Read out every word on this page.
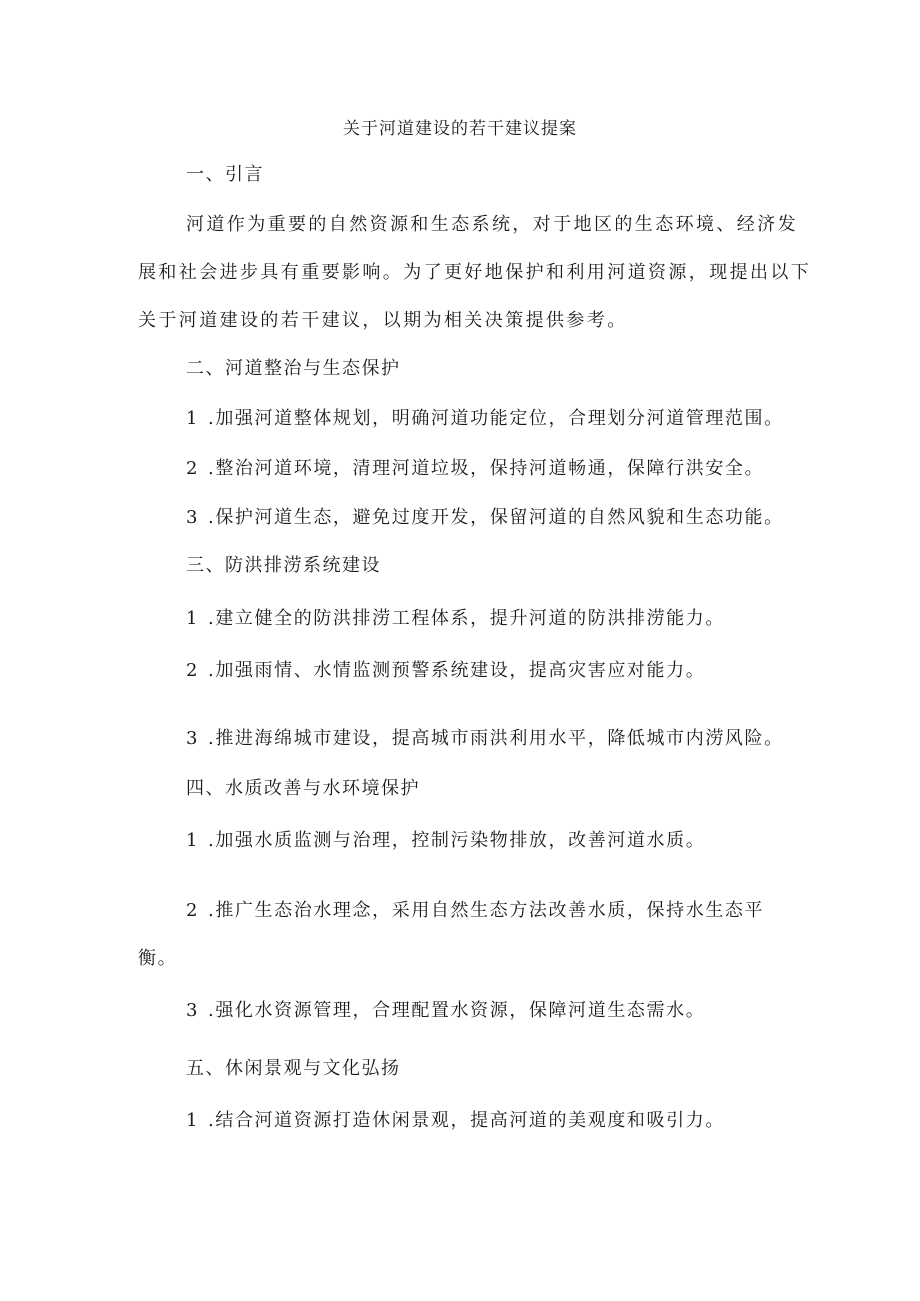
关于河道建设的若干建议提案
一、引言
河道作为重要的自然资源和生态系统，对于地区的生态环境、经济发
展和社会进步具有重要影响。为了更好地保护和利用河道资源，现提出以下
关于河道建设的若干建议，以期为相关决策提供参考。
二、河道整治与生态保护
1 .加强河道整体规划，明确河道功能定位，合理划分河道管理范围。
2 .整治河道环境，清理河道垃圾，保持河道畅通，保障行洪安全。
3 .保护河道生态，避免过度开发，保留河道的自然风貌和生态功能。
三、防洪排涝系统建设
1 .建立健全的防洪排涝工程体系，提升河道的防洪排涝能力。
2 .加强雨情、水情监测预警系统建设，提高灾害应对能力。
3 .推进海绵城市建设，提高城市雨洪利用水平，降低城市内涝风险。
四、水质改善与水环境保护
1 .加强水质监测与治理，控制污染物排放，改善河道水质。
2 .推广生态治水理念，采用自然生态方法改善水质，保持水生态平
衡。
3 .强化水资源管理，合理配置水资源，保障河道生态需水。
五、休闲景观与文化弘扬
1 .结合河道资源打造休闲景观，提高河道的美观度和吸引力。
